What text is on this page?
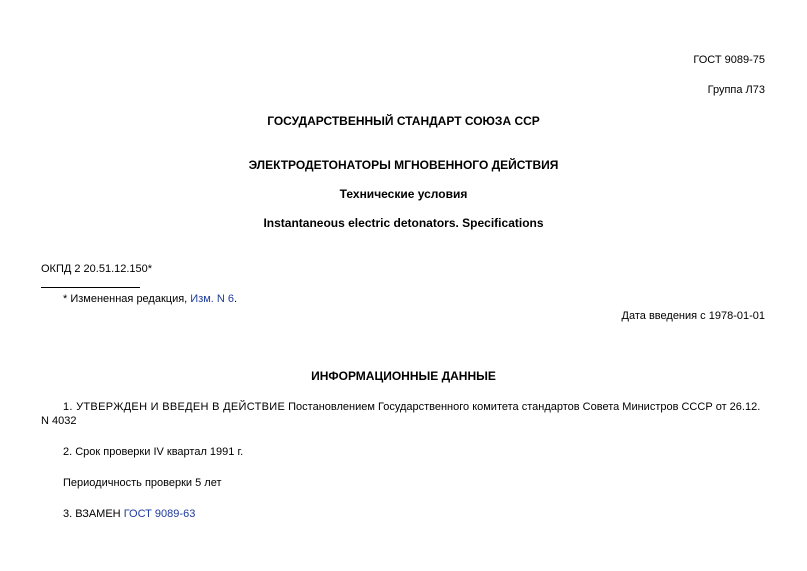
ГОСТ 9089-75
Группа Л73
ГОСУДАРСТВЕННЫЙ СТАНДАРТ СОЮЗА ССР
ЭЛЕКТРОДЕТОНАТОРЫ МГНОВЕННОГО ДЕЙСТВИЯ
Технические условия
Instantaneous electric detonators. Specifications
ОКПД 2 20.51.12.150*
* Измененная редакция, Изм. N 6.
Дата введения с 1978-01-01
ИНФОРМАЦИОННЫЕ ДАННЫЕ
1. УТВЕРЖДЕН И ВВЕДЕН В ДЕЙСТВИЕ Постановлением Государственного комитета стандартов Совета Министров СССР от 26.12.
N 4032
2. Срок проверки IV квартал 1991 г.
Периодичность проверки 5 лет
3. ВЗАМЕН ГОСТ 9089-63
